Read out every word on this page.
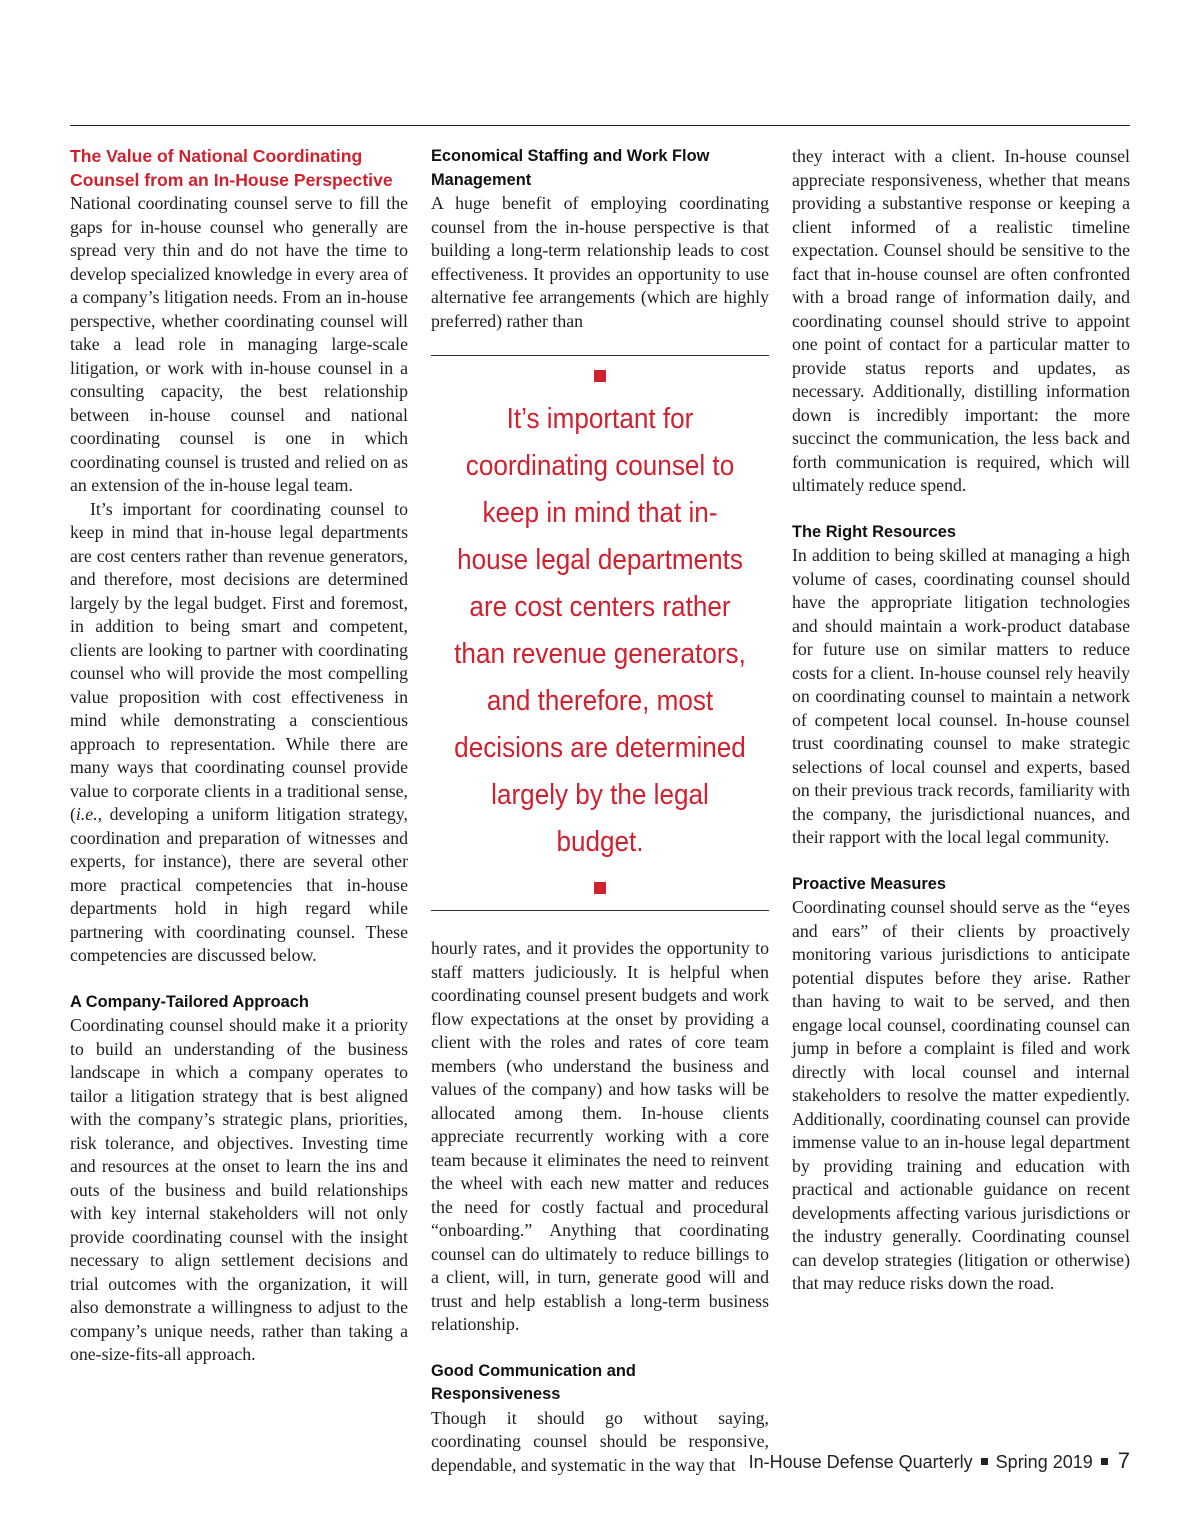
The Value of National Coordinating Counsel from an In-House Perspective

National coordinating counsel serve to fill the gaps for in-house counsel who generally are spread very thin and do not have the time to develop specialized knowledge in every area of a company’s litigation needs. From an in-house perspective, whether coordinating counsel will take a lead role in managing large-scale litigation, or work with in-house counsel in a consulting capacity, the best relationship between in-house counsel and national coordinating counsel is one in which coordinating counsel is trusted and relied on as an extension of the in-house legal team.

It’s important for coordinating counsel to keep in mind that in-house legal departments are cost centers rather than revenue generators, and therefore, most decisions are determined largely by the legal budget. First and foremost, in addition to being smart and competent, clients are looking to partner with coordinating counsel who will provide the most compelling value proposition with cost effectiveness in mind while demonstrating a conscientious approach to representation. While there are many ways that coordinating counsel provide value to corporate clients in a traditional sense, (i.e., developing a uniform litigation strategy, coordination and preparation of witnesses and experts, for instance), there are several other more practical competencies that in-house departments hold in high regard while partnering with coordinating counsel. These competencies are discussed below.

A Company-Tailored Approach

Coordinating counsel should make it a priority to build an understanding of the business landscape in which a company operates to tailor a litigation strategy that is best aligned with the company’s strategic plans, priorities, risk tolerance, and objectives. Investing time and resources at the onset to learn the ins and outs of the business and build relationships with key internal stakeholders will not only provide coordinating counsel with the insight necessary to align settlement decisions and trial outcomes with the organization, it will also demonstrate a willingness to adjust to the company’s unique needs, rather than taking a one-size-fits-all approach.

Economical Staffing and Work Flow Management

A huge benefit of employing coordinating counsel from the in-house perspective is that building a long-term relationship leads to cost effectiveness. It provides an opportunity to use alternative fee arrangements (which are highly preferred) rather than

It’s important for coordinating counsel to keep in mind that in-house legal departments are cost centers rather than revenue generators, and therefore, most decisions are determined largely by the legal budget.

hourly rates, and it provides the opportunity to staff matters judiciously. It is helpful when coordinating counsel present budgets and work flow expectations at the onset by providing a client with the roles and rates of core team members (who understand the business and values of the company) and how tasks will be allocated among them. In-house clients appreciate recurrently working with a core team because it eliminates the need to reinvent the wheel with each new matter and reduces the need for costly factual and procedural “onboarding.” Anything that coordinating counsel can do ultimately to reduce billings to a client, will, in turn, generate good will and trust and help establish a long-term business relationship.

Good Communication and Responsiveness

Though it should go without saying, coordinating counsel should be responsive, dependable, and systematic in the way that

they interact with a client. In-house counsel appreciate responsiveness, whether that means providing a substantive response or keeping a client informed of a realistic timeline expectation. Counsel should be sensitive to the fact that in-house counsel are often confronted with a broad range of information daily, and coordinating counsel should strive to appoint one point of contact for a particular matter to provide status reports and updates, as necessary. Additionally, distilling information down is incredibly important: the more succinct the communication, the less back and forth communication is required, which will ultimately reduce spend.

The Right Resources

In addition to being skilled at managing a high volume of cases, coordinating counsel should have the appropriate litigation technologies and should maintain a work-product database for future use on similar matters to reduce costs for a client. In-house counsel rely heavily on coordinating counsel to maintain a network of competent local counsel. In-house counsel trust coordinating counsel to make strategic selections of local counsel and experts, based on their previous track records, familiarity with the company, the jurisdictional nuances, and their rapport with the local legal community.

Proactive Measures

Coordinating counsel should serve as the “eyes and ears” of their clients by proactively monitoring various jurisdictions to anticipate potential disputes before they arise. Rather than having to wait to be served, and then engage local counsel, coordinating counsel can jump in before a complaint is filed and work directly with local counsel and internal stakeholders to resolve the matter expediently. Additionally, coordinating counsel can provide immense value to an in-house legal department by providing training and education with practical and actionable guidance on recent developments affecting various jurisdictions or the industry generally. Coordinating counsel can develop strategies (litigation or otherwise) that may reduce risks down the road.

In-House Defense Quarterly Spring 2019 7
